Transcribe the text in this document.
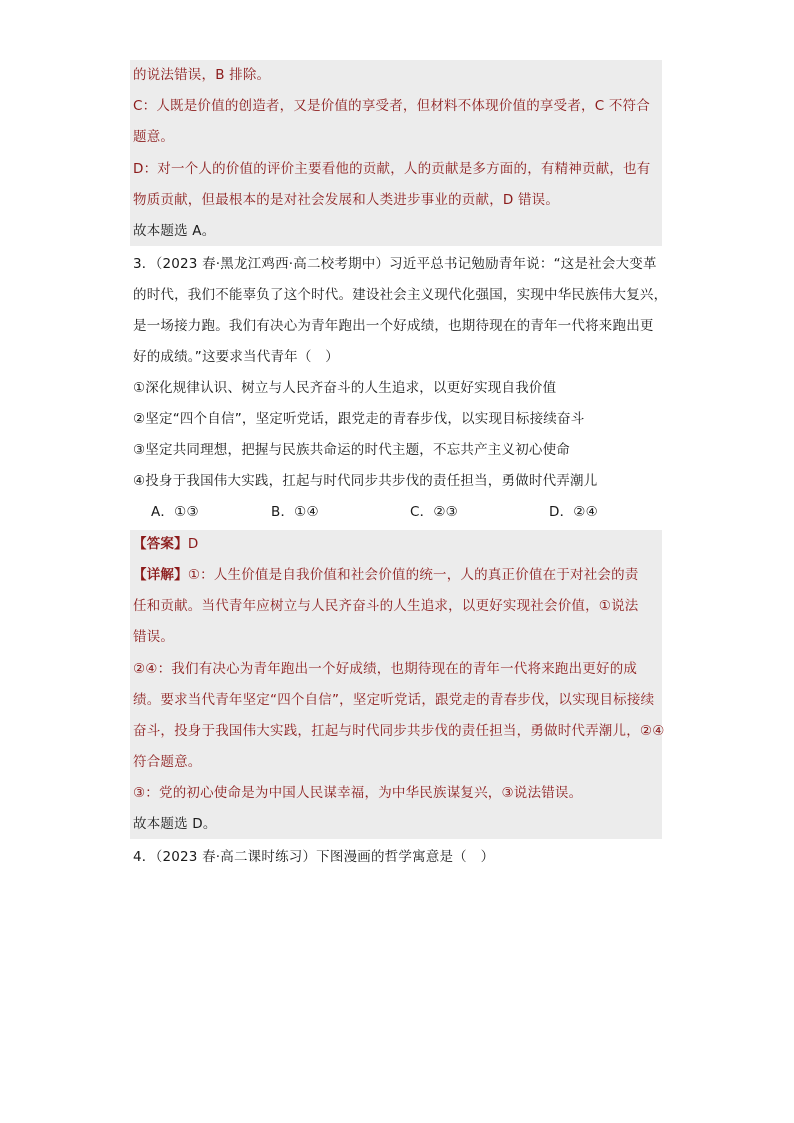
的说法错误，B 排除。
C：人既是价值的创造者，又是价值的享受者，但材料不体现价值的享受者，C 不符合
题意。
D：对一个人的价值的评价主要看他的贡献，人的贡献是多方面的，有精神贡献，也有
物质贡献，但最根本的是对社会发展和人类进步事业的贡献，D 错误。
故本题选 A。
3．（2023 春·黑龙江鸡西·高二校考期中）习近平总书记勉励青年说：“这是社会大变革
的时代，我们不能辜负了这个时代。建设社会主义现代化强国，实现中华民族伟大复兴，
是一场接力跑。我们有决心为青年跑出一个好成绩，也期待现在的青年一代将来跑出更
好的成绩。”这要求当代青年（　）
①深化规律认识、树立与人民齐奋斗的人生追求，以更好实现自我价值
②坚定“四个自信”，坚定听党话，跟党走的青春步伐，以实现目标接续奋斗
③坚定共同理想，把握与民族共命运的时代主题，不忘共产主义初心使命
④投身于我国伟大实践，扛起与时代同步共步伐的责任担当，勇做时代弄潮儿
A．①③	B．①④	C．②③	D．②④
【答案】D
【详解】①：人生价值是自我价值和社会价值的统一，人的真正价值在于对社会的责
任和贡献。当代青年应树立与人民齐奋斗的人生追求，以更好实现社会价值，①说法
错误。
②④：我们有决心为青年跑出一个好成绩，也期待现在的青年一代将来跑出更好的成
绩。要求当代青年坚定“四个自信”，坚定听党话，跟党走的青春步伐，以实现目标接续
奋斗，投身于我国伟大实践，扛起与时代同步共步伐的责任担当，勇做时代弄潮儿，②④
符合题意。
③：党的初心使命是为中国人民谋幸福，为中华民族谋复兴，③说法错误。
故本题选 D。
4．（2023 春·高二课时练习）下图漫画的哲学寓意是（　）
